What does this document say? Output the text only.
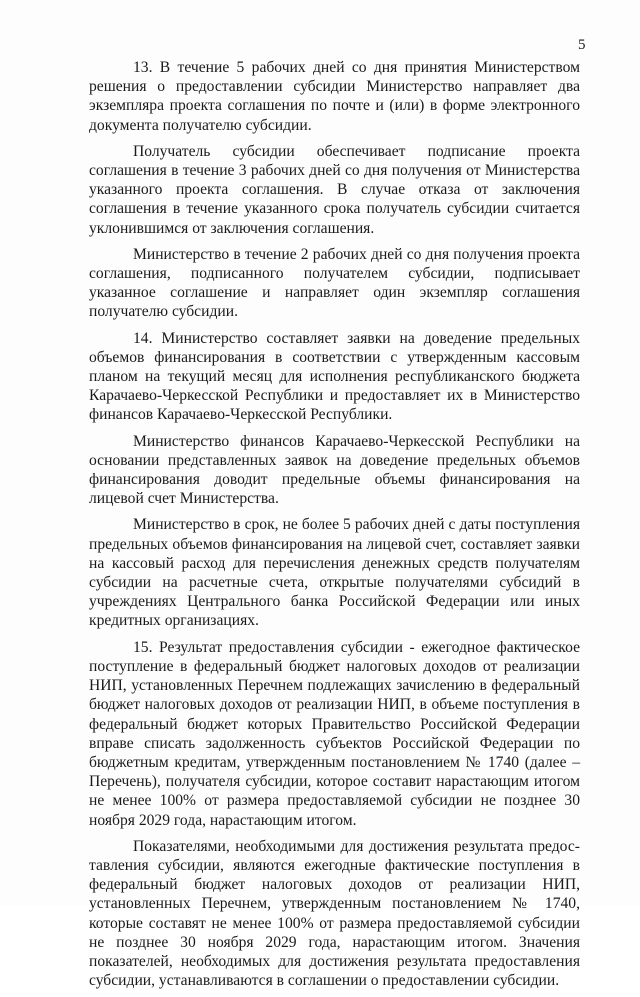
5

13. В течение 5 рабочих дней со дня принятия Министерством решения о предоставлении субсидии Министерство направляет два экземпляра проекта соглашения по почте и (или) в форме электронного документа получателю субсидии.

Получатель субсидии обеспечивает подписание проекта соглашения в течение 3 рабочих дней со дня получения от Министерства указанного проекта соглашения. В случае отказа от заключения соглашения в течение указанного срока получатель субсидии считается уклонившимся от заключения соглашения.

Министерство в течение 2 рабочих дней со дня получения проекта соглашения, подписанного получателем субсидии, подписывает указанное соглашение и направляет один экземпляр соглашения получателю субсидии.

14. Министерство составляет заявки на доведение предельных объемов финансирования в соответствии с утвержденным кассовым планом на текущий месяц для исполнения республиканского бюджета Карачаево-Черкесской Республики и предоставляет их в Министерство финансов Карачаево-Черкесской Республики.

Министерство финансов Карачаево-Черкесской Республики на основании представленных заявок на доведение предельных объемов финансирования доводит предельные объемы финансирования на лицевой счет Министерства.

Министерство в срок, не более 5 рабочих дней с даты поступления предельных объемов финансирования на лицевой счет, составляет заявки на кассовый расход для перечисления денежных средств получателям субсидии на расчетные счета, открытые получателями субсидий в учреждениях Центрального банка Российской Федерации или иных кредитных организациях.

15. Результат предоставления субсидии - ежегодное фактическое поступление в федеральный бюджет налоговых доходов от реализации НИП, установленных Перечнем подлежащих зачислению в федеральный бюджет налоговых доходов от реализации НИП, в объеме поступления в федеральный бюджет которых Правительство Российской Федерации вправе списать задолженность субъектов Российской Федерации по бюджетным кредитам, утвержденным постановлением № 1740 (далее – Перечень), получателя субсидии, которое составит нарастающим итогом не менее 100% от размера предоставляемой субсидии не позднее 30 ноября 2029 года, нарастающим итогом.

Показателями, необходимыми для достижения результата предоставления субсидии, являются ежегодные фактические поступления в федеральный бюджет налоговых доходов от реализации НИП, установленных Перечнем, утвержденным постановлением № 1740, которые составят не менее 100% от размера предоставляемой субсидии не позднее 30 ноября 2029 года, нарастающим итогом. Значения показателей, необходимых для достижения результата предоставления субсидии, устанавливаются в соглашении о предоставлении субсидии.
